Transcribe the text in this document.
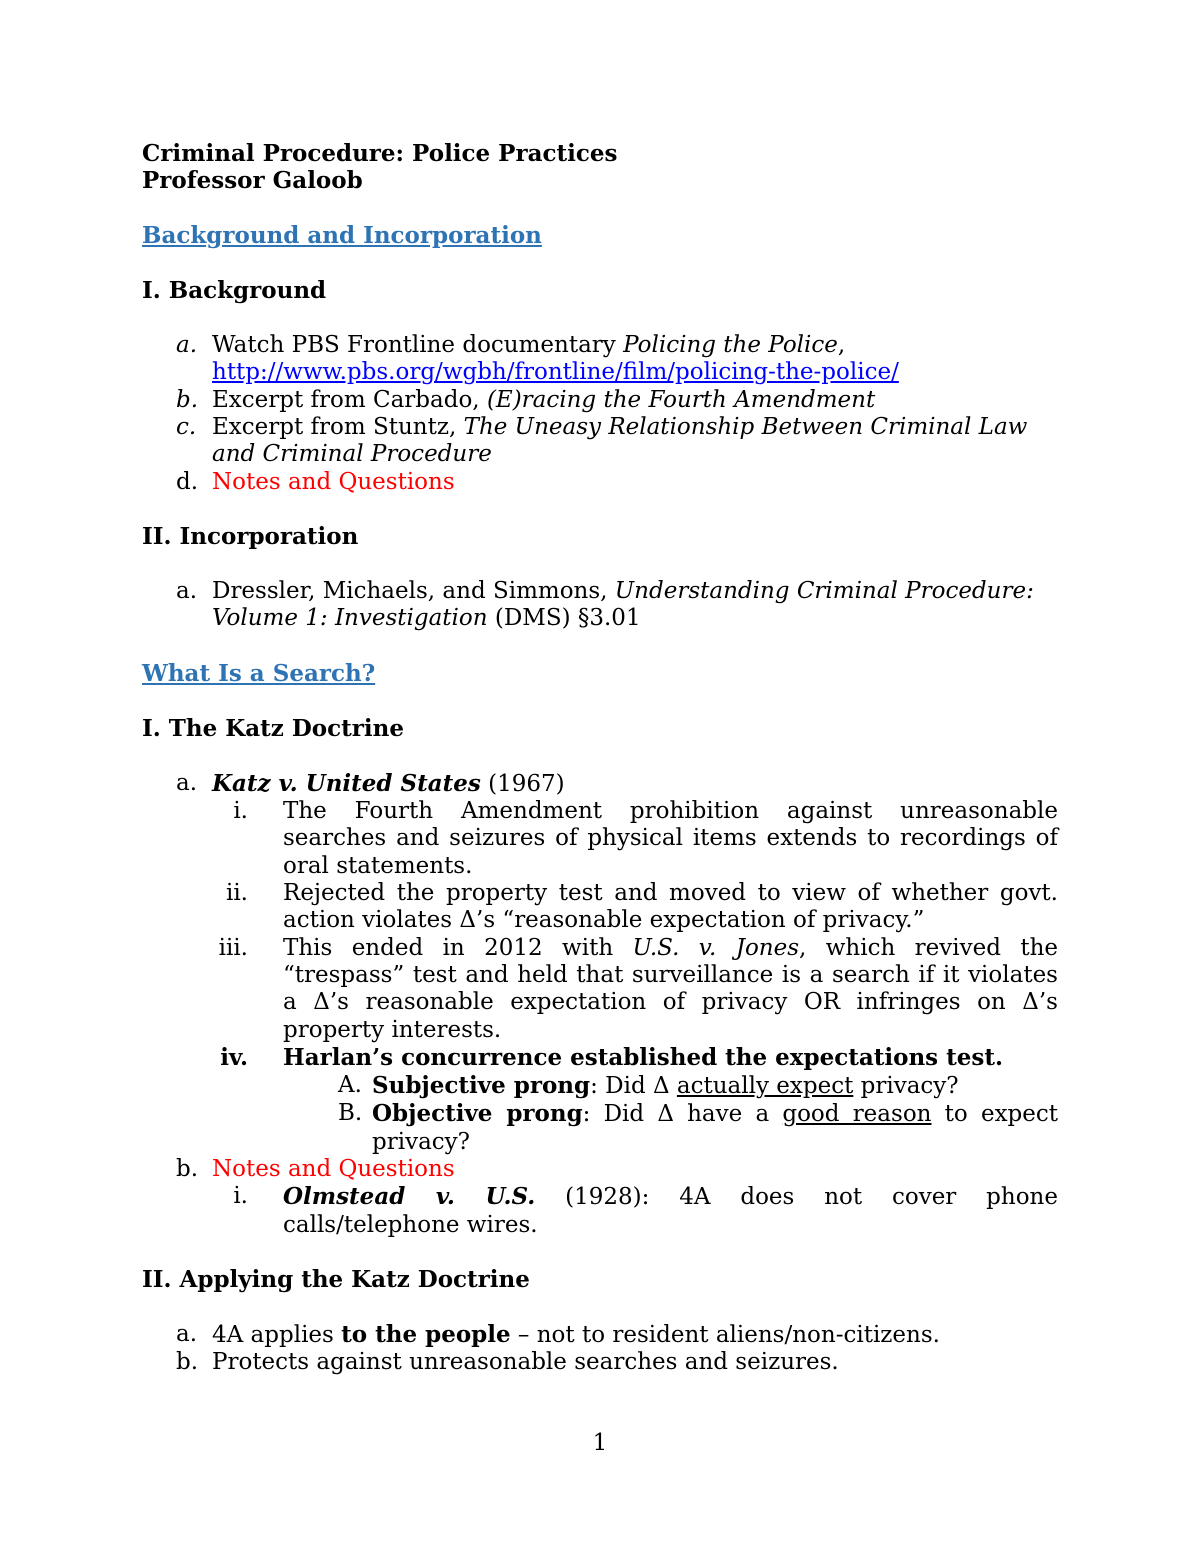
Criminal Procedure: Police Practices
Professor Galoob
Background and Incorporation
I. Background
a. Watch PBS Frontline documentary Policing the Police,
http://www.pbs.org/wgbh/frontline/film/policing-the-police/
b. Excerpt from Carbado, (E)racing the Fourth Amendment
c. Excerpt from Stuntz, The Uneasy Relationship Between Criminal Law and Criminal Procedure
d. Notes and Questions
II. Incorporation
a. Dressler, Michaels, and Simmons, Understanding Criminal Procedure: Volume 1: Investigation (DMS) §3.01
What Is a Search?
I. The Katz Doctrine
a. Katz v. United States (1967)
i. The Fourth Amendment prohibition against unreasonable searches and seizures of physical items extends to recordings of oral statements.
ii. Rejected the property test and moved to view of whether govt. action violates Δ’s “reasonable expectation of privacy.”
iii. This ended in 2012 with U.S. v. Jones, which revived the “trespass” test and held that surveillance is a search if it violates a Δ’s reasonable expectation of privacy OR infringes on Δ’s property interests.
iv. Harlan’s concurrence established the expectations test.
A. Subjective prong: Did Δ actually expect privacy?
B. Objective prong: Did Δ have a good reason to expect privacy?
b. Notes and Questions
i. Olmstead v. U.S. (1928): 4A does not cover phone calls/telephone wires.
II. Applying the Katz Doctrine
a. 4A applies to the people – not to resident aliens/non-citizens.
b. Protects against unreasonable searches and seizures.
1
